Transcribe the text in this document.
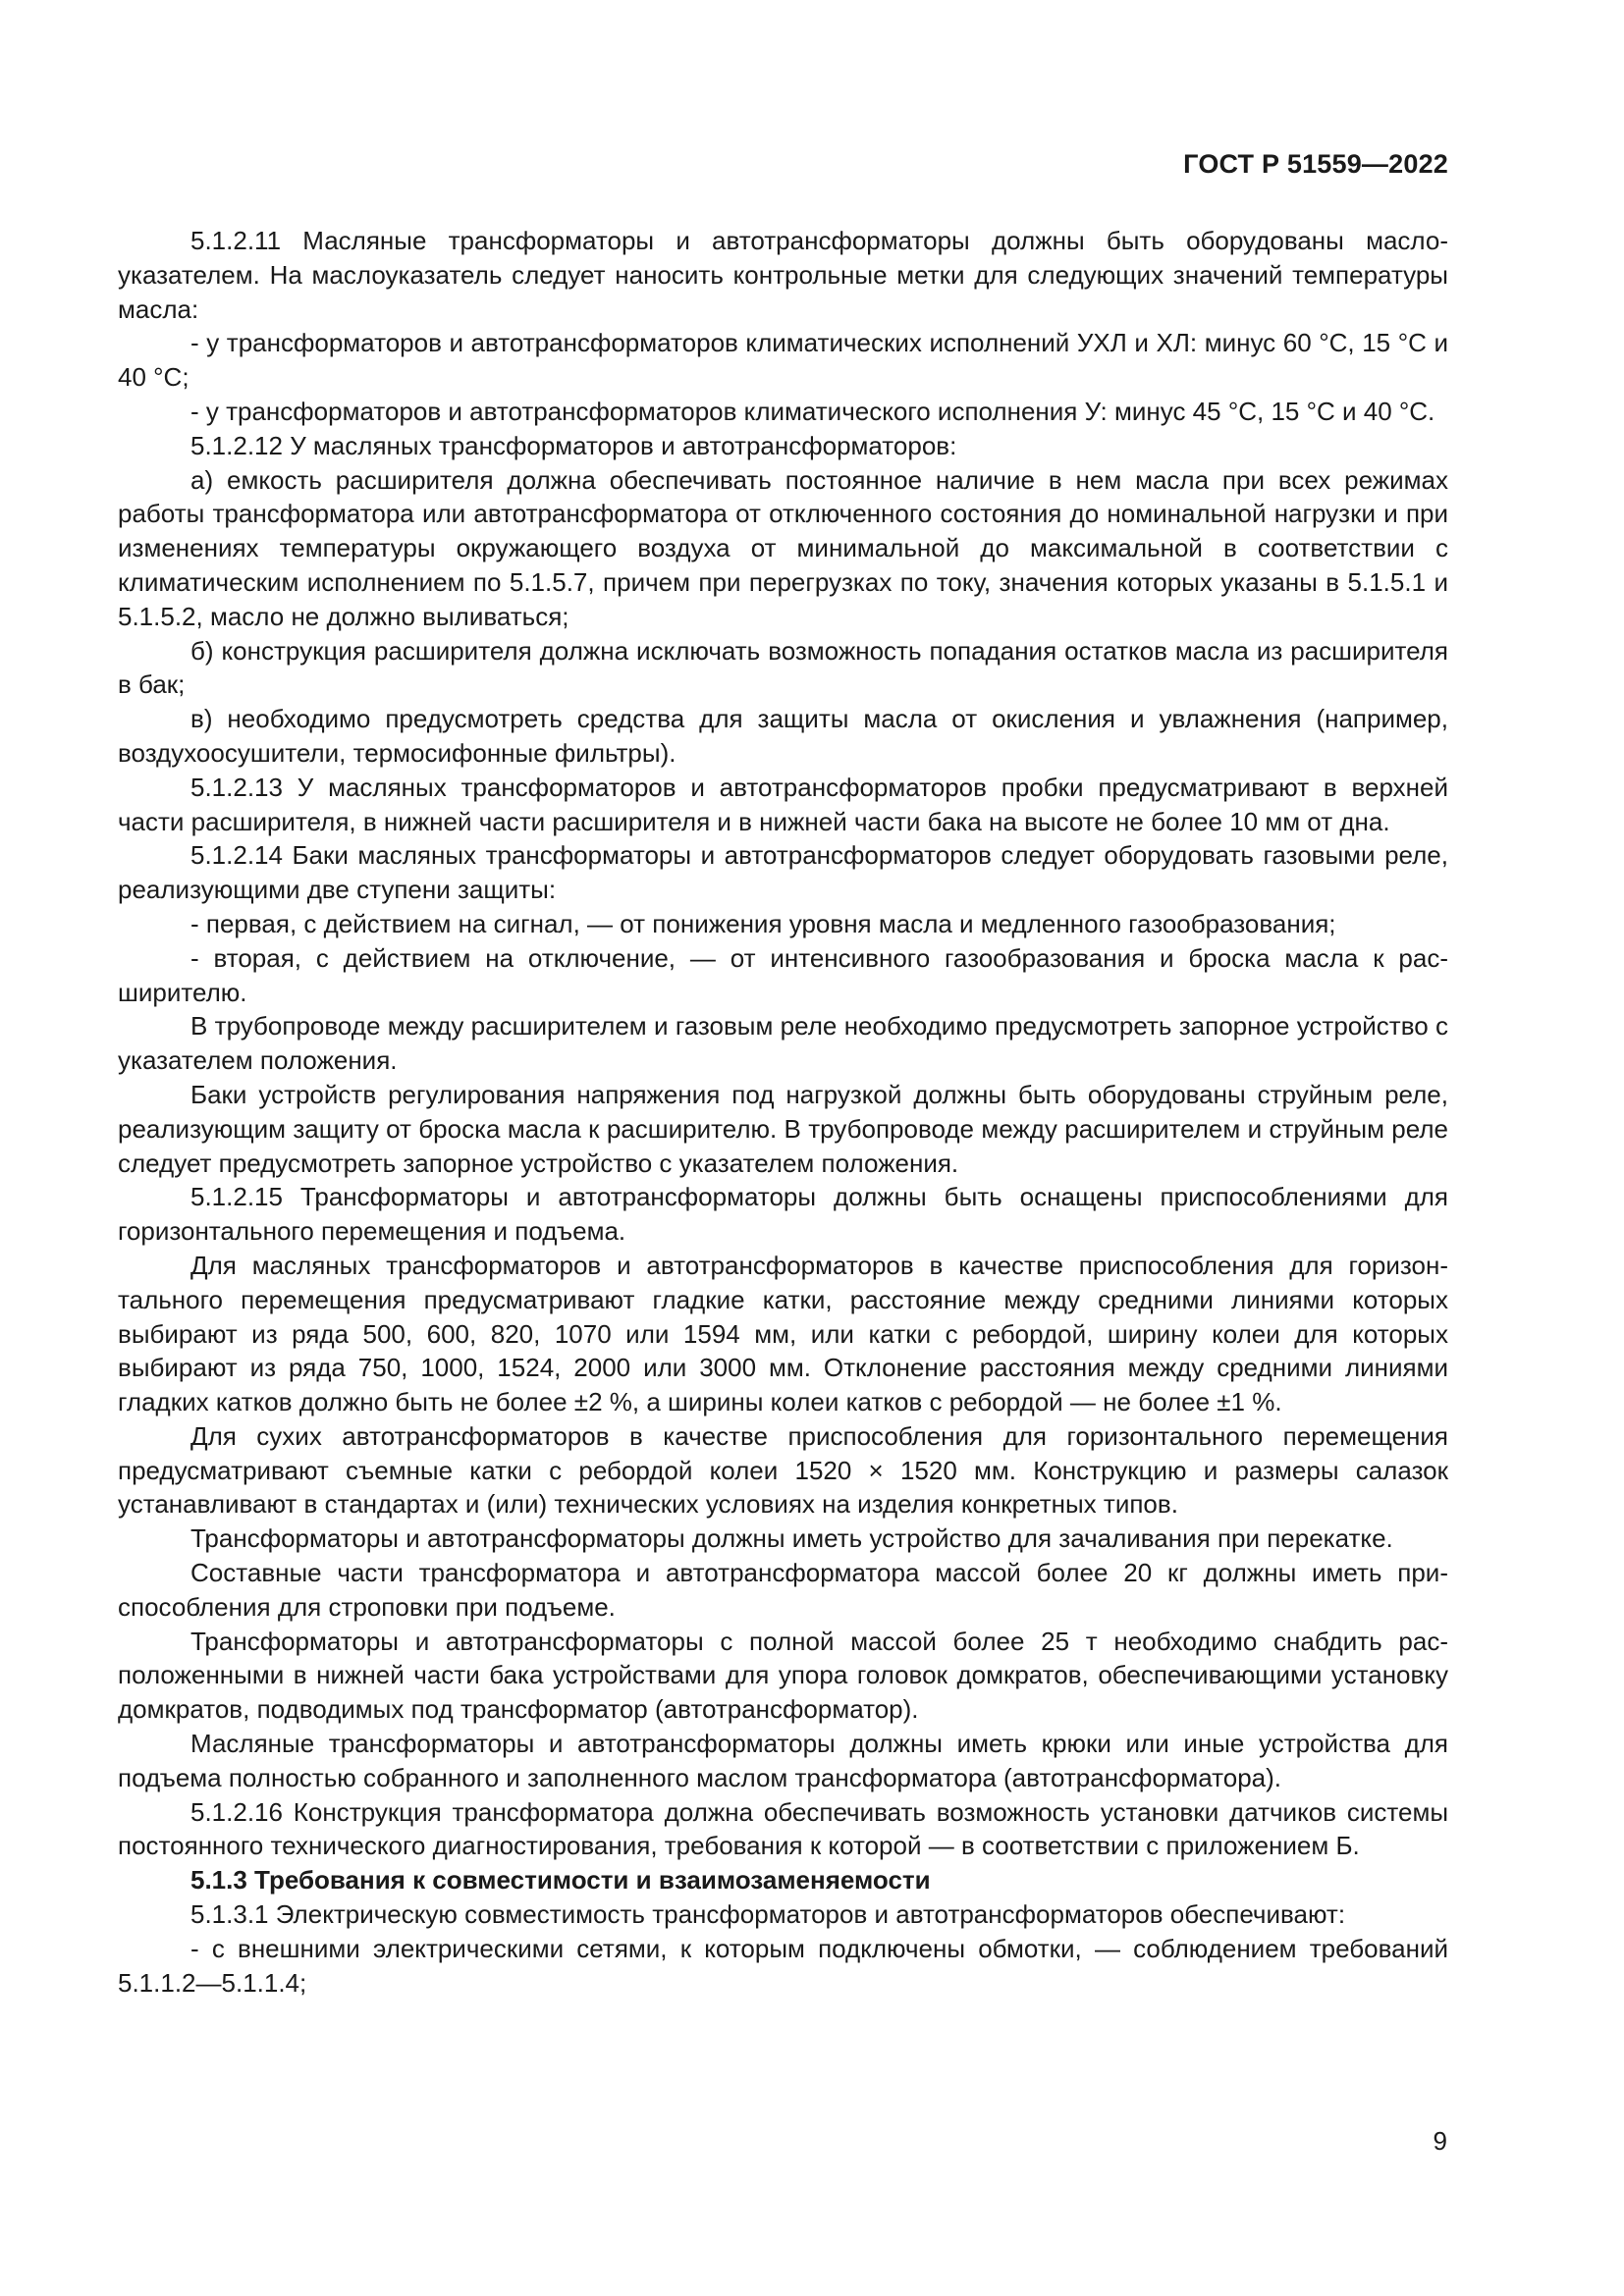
ГОСТ Р 51559—2022

5.1.2.11 Масляные трансформаторы и автотрансформаторы должны быть оборудованы маслоуказателем. На маслоуказатель следует наносить контрольные метки для следующих значений температуры масла:

- у трансформаторов и автотрансформаторов климатических исполнений УХЛ и ХЛ: минус 60 °С, 15 °С и 40 °С;

- у трансформаторов и автотрансформаторов климатического исполнения У: минус 45 °С, 15 °С и 40 °С.

5.1.2.12 У масляных трансформаторов и автотрансформаторов:

а) емкость расширителя должна обеспечивать постоянное наличие в нем масла при всех режимах работы трансформатора или автотрансформатора от отключенного состояния до номинальной нагрузки и при изменениях температуры окружающего воздуха от минимальной до максимальной в соответствии с климатическим исполнением по 5.1.5.7, причем при перегрузках по току, значения которых указаны в 5.1.5.1 и 5.1.5.2, масло не должно выливаться;

б) конструкция расширителя должна исключать возможность попадания остатков масла из расширителя в бак;

в) необходимо предусмотреть средства для защиты масла от окисления и увлажнения (например, воздухоосушители, термосифонные фильтры).

5.1.2.13 У масляных трансформаторов и автотрансформаторов пробки предусматривают в верхней части расширителя, в нижней части расширителя и в нижней части бака на высоте не более 10 мм от дна.

5.1.2.14 Баки масляных трансформаторы и автотрансформаторов следует оборудовать газовыми реле, реализующими две ступени защиты:

- первая, с действием на сигнал, — от понижения уровня масла и медленного газообразования;

- вторая, с действием на отключение, — от интенсивного газообразования и броска масла к расширителю.

В трубопроводе между расширителем и газовым реле необходимо предусмотреть запорное устройство с указателем положения.

Баки устройств регулирования напряжения под нагрузкой должны быть оборудованы струйным реле, реализующим защиту от броска масла к расширителю. В трубопроводе между расширителем и струйным реле следует предусмотреть запорное устройство с указателем положения.

5.1.2.15 Трансформаторы и автотрансформаторы должны быть оснащены приспособлениями для горизонтального перемещения и подъема.

Для масляных трансформаторов и автотрансформаторов в качестве приспособления для горизонтального перемещения предусматривают гладкие катки, расстояние между средними линиями которых выбирают из ряда 500, 600, 820, 1070 или 1594 мм, или катки с ребордой, ширину колеи для которых выбирают из ряда 750, 1000, 1524, 2000 или 3000 мм. Отклонение расстояния между средними линиями гладких катков должно быть не более ±2 %, а ширины колеи катков с ребордой — не более ±1 %.

Для сухих автотрансформаторов в качестве приспособления для горизонтального перемещения предусматривают съемные катки с ребордой колеи 1520 × 1520 мм. Конструкцию и размеры салазок устанавливают в стандартах и (или) технических условиях на изделия конкретных типов.

Трансформаторы и автотрансформаторы должны иметь устройство для зачаливания при перекатке.

Составные части трансформатора и автотрансформатора массой более 20 кг должны иметь приспособления для строповки при подъеме.

Трансформаторы и автотрансформаторы с полной массой более 25 т необходимо снабдить расположенными в нижней части бака устройствами для упора головок домкратов, обеспечивающими установку домкратов, подводимых под трансформатор (автотрансформатор).

Масляные трансформаторы и автотрансформаторы должны иметь крюки или иные устройства для подъема полностью собранного и заполненного маслом трансформатора (автотрансформатора).

5.1.2.16 Конструкция трансформатора должна обеспечивать возможность установки датчиков системы постоянного технического диагностирования, требования к которой — в соответствии с приложением Б.

5.1.3 Требования к совместимости и взаимозаменяемости

5.1.3.1 Электрическую совместимость трансформаторов и автотрансформаторов обеспечивают:

- с внешними электрическими сетями, к которым подключены обмотки, — соблюдением требований 5.1.1.2—5.1.1.4;

9
